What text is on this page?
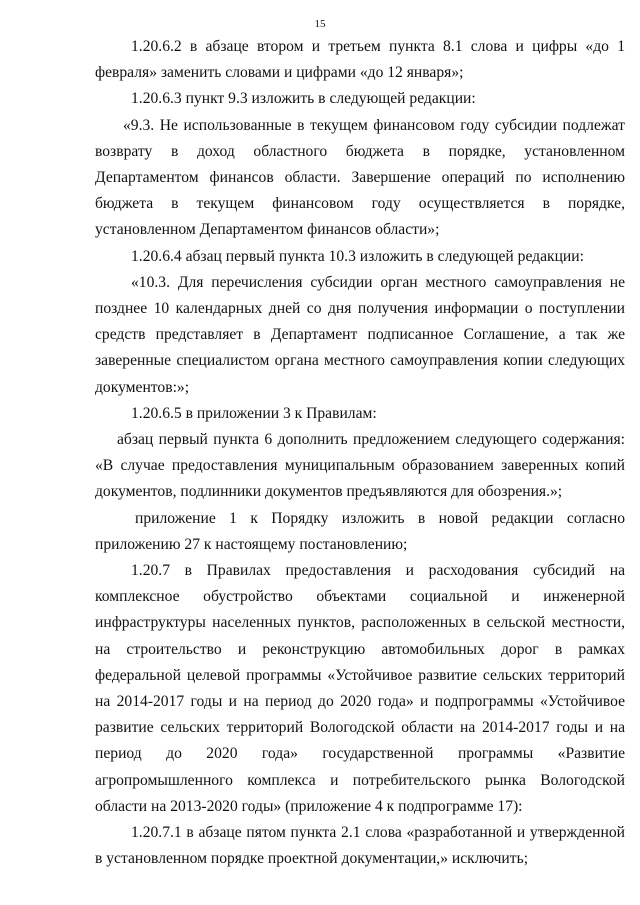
15

1.20.6.2 в абзаце втором и третьем пункта 8.1 слова и цифры «до 1 февраля» заменить словами и цифрами «до 12 января»;

1.20.6.3 пункт 9.3 изложить в следующей редакции:

«9.3. Не использованные в текущем финансовом году субсидии подлежат возврату в доход областного бюджета в порядке, установленном Департаментом финансов области. Завершение операций по исполнению бюджета в текущем финансовом году осуществляется в порядке, установленном Департаментом финансов области»;

1.20.6.4 абзац первый пункта 10.3 изложить в следующей редакции:

«10.3. Для перечисления субсидии орган местного самоуправления не позднее 10 календарных дней со дня получения информации о поступлении средств представляет в Департамент подписанное Соглашение, а так же заверенные специалистом органа местного самоуправления копии следующих документов:»;

1.20.6.5 в приложении 3 к Правилам:

абзац первый пункта 6 дополнить предложением следующего содержания: «В случае предоставления муниципальным образованием заверенных копий документов, подлинники документов предъявляются для обозрения.»;

приложение 1 к Порядку изложить в новой редакции согласно приложению 27 к настоящему постановлению;

1.20.7 в Правилах предоставления и расходования субсидий на комплексное обустройство объектами социальной и инженерной инфраструктуры населенных пунктов, расположенных в сельской местности, на строительство и реконструкцию автомобильных дорог в рамках федеральной целевой программы «Устойчивое развитие сельских территорий на 2014-2017 годы и на период до 2020 года» и подпрограммы «Устойчивое развитие сельских территорий Вологодской области на 2014-2017 годы и на период до 2020 года» государственной программы «Развитие агропромышленного комплекса и потребительского рынка Вологодской области на 2013-2020 годы» (приложение 4 к подпрограмме 17):

1.20.7.1 в абзаце пятом пункта 2.1 слова «разработанной и утвержденной в установленном порядке проектной документации,» исключить;
